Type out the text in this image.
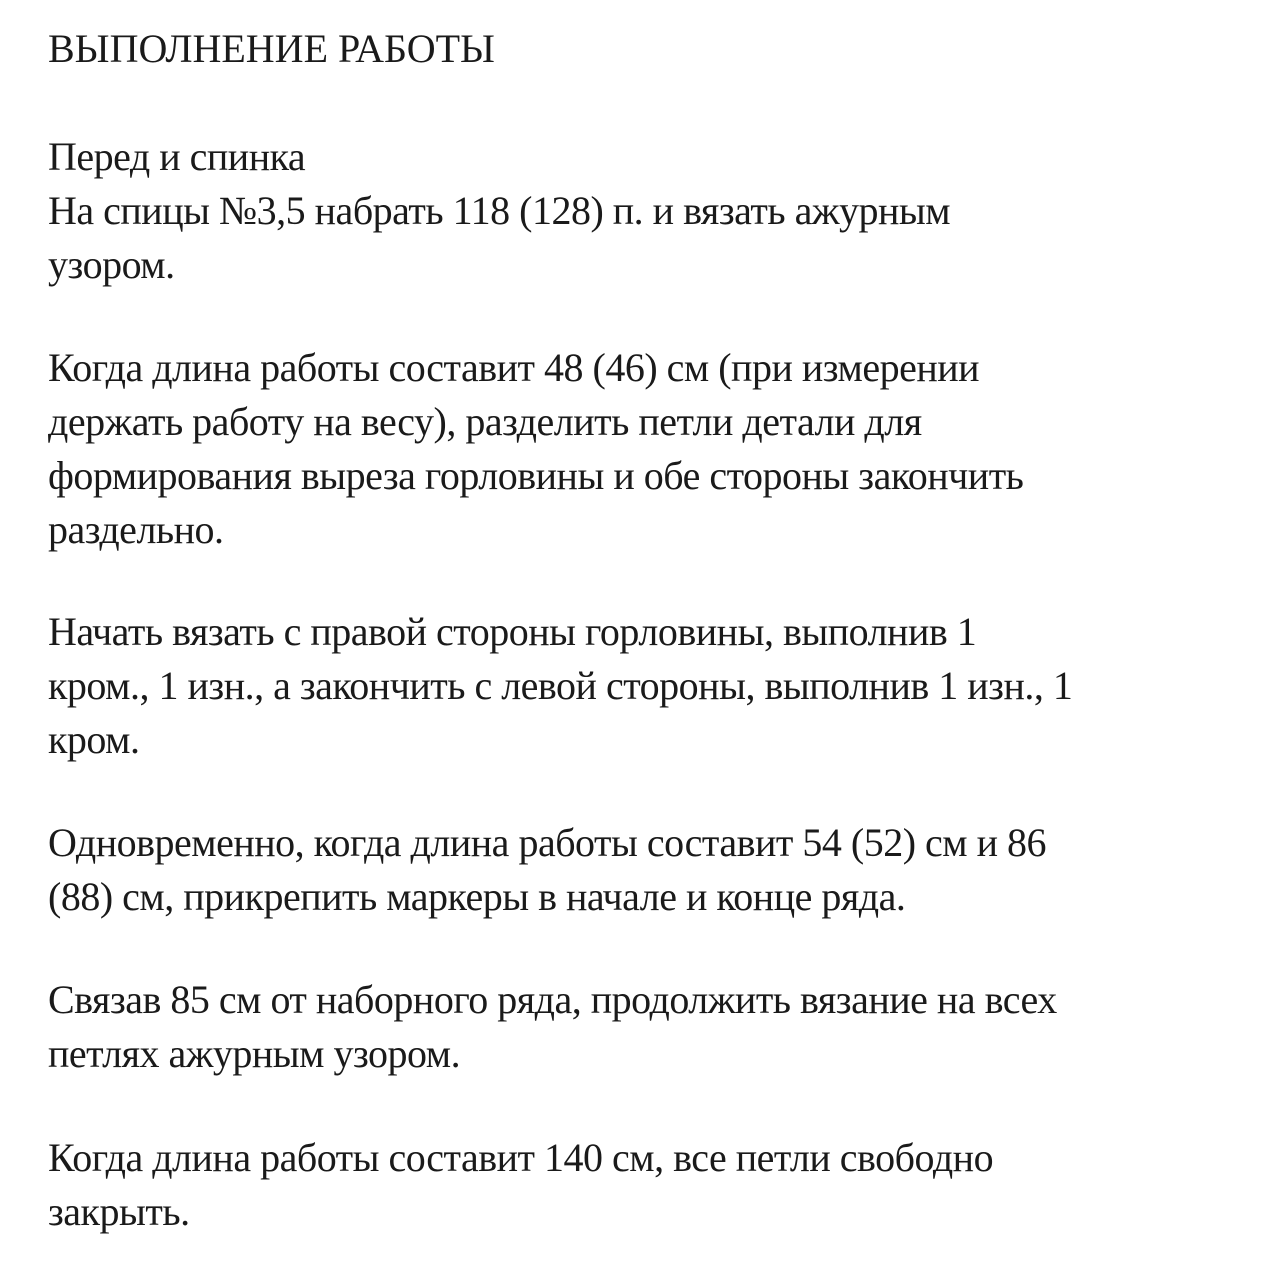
ВЫПОЛНЕНИЕ РАБОТЫ
Перед и спинка
На спицы №3,5 набрать 118 (128) п. и вязать ажурным
узором.
Когда длина работы составит 48 (46) см (при измерении
держать работу на весу), разделить петли детали для
формирования выреза горловины и обе стороны закончить
раздельно.
Начать вязать с правой стороны горловины, выполнив 1
кром., 1 изн., а закончить с левой стороны, выполнив 1 изн., 1
кром.
Одновременно, когда длина работы составит 54 (52) см и 86
(88) см, прикрепить маркеры в начале и конце ряда.
Связав 85 см от наборного ряда, продолжить вязание на всех
петлях ажурным узором.
Когда длина работы составит 140 см, все петли свободно
закрыть.
